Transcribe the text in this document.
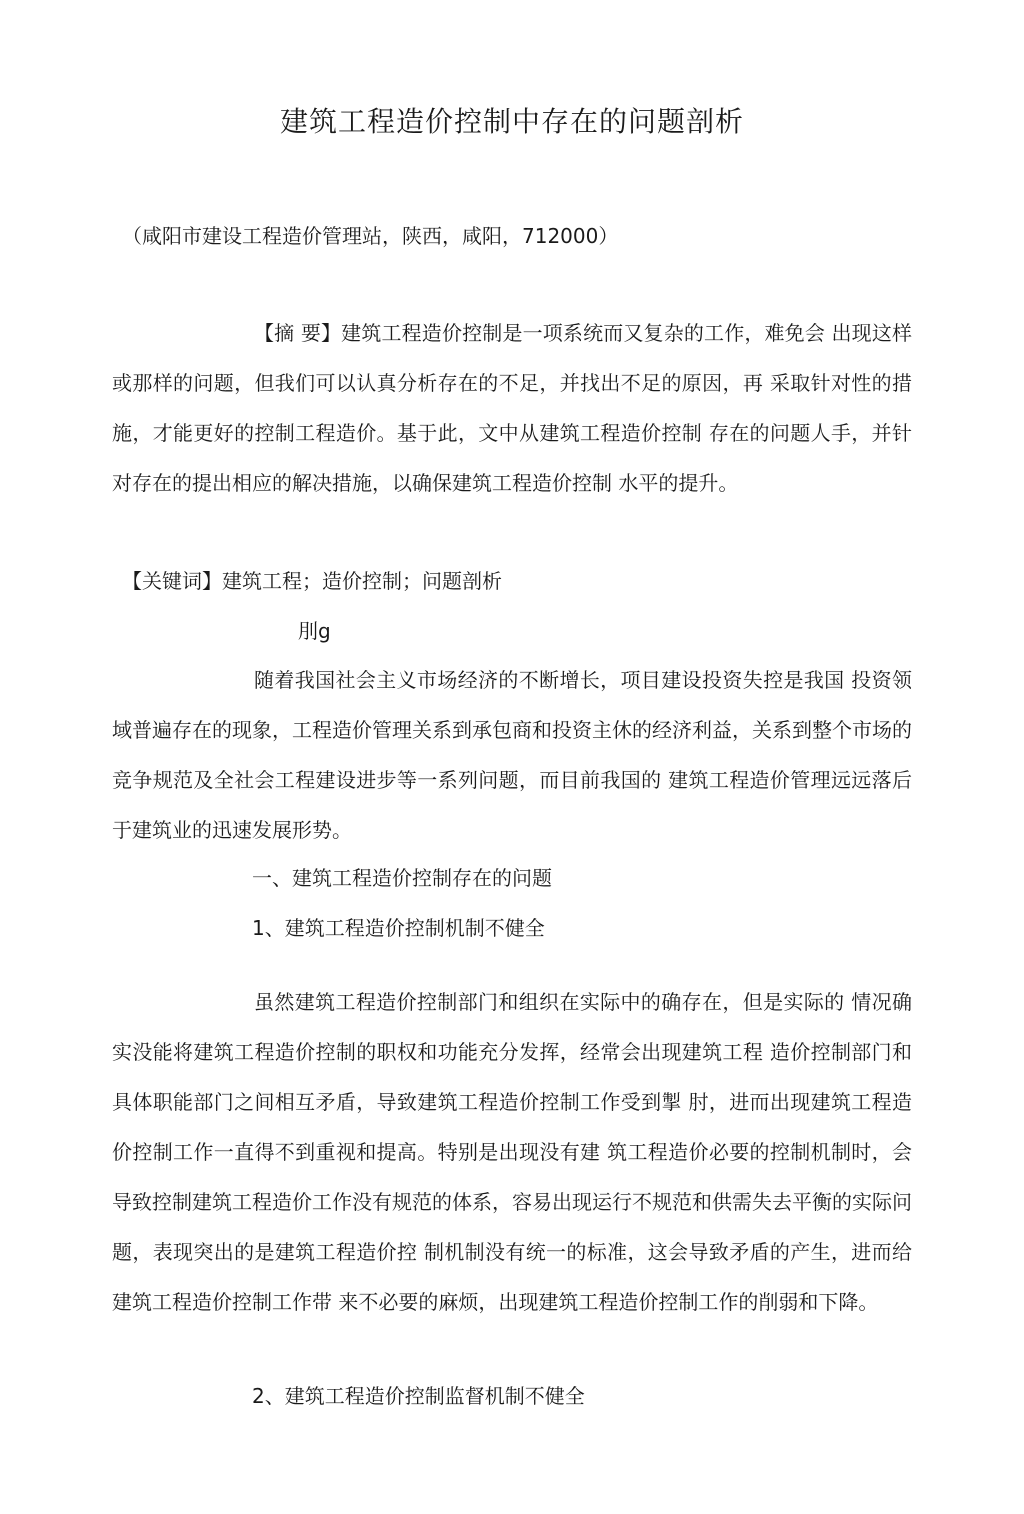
建筑工程造价控制中存在的问题剖析
（咸阳市建设工程造价管理站，陕西，咸阳，712000）
【摘 要】建筑工程造价控制是一项系统而又复杂的工作，难免会 出现这样或那样的问题，但我们可以认真分析存在的不足，并找出不足的原因，再 采取针对性的措施，才能更好的控制工程造价。基于此，文中从建筑工程造价控制 存在的问题人手，并针对存在的提出相应的解决措施，以确保建筑工程造价控制 水平的提升。
【关键词】建筑工程；造价控制；问题剖析
刖g
随着我国社会主义市场经济的不断增长，项目建设投资失控是我国 投资领域普遍存在的现象，工程造价管理关系到承包商和投资主休的经济利益，关系到整个市场的竞争规范及全社会工程建设进步等一系列问题，而目前我国的 建筑工程造价管理远远落后于建筑业的迅速发展形势。
一、建筑工程造价控制存在的问题
1、建筑工程造价控制机制不健全
虽然建筑工程造价控制部门和组织在实际中的确存在，但是实际的 情况确实没能将建筑工程造价控制的职权和功能充分发挥，经常会出现建筑工程 造价控制部门和具体职能部门之间相互矛盾，导致建筑工程造价控制工作受到掣 肘，进而出现建筑工程造价控制工作一直得不到重视和提高。特别是出现没有建 筑工程造价必要的控制机制时，会导致控制建筑工程造价工作没有规范的体系，容易出现运行不规范和供需失去平衡的实际问题，表现突出的是建筑工程造价控 制机制没有统一的标准，这会导致矛盾的产生，进而给建筑工程造价控制工作带 来不必要的麻烦，出现建筑工程造价控制工作的削弱和下降。
2、建筑工程造价控制监督机制不健全
